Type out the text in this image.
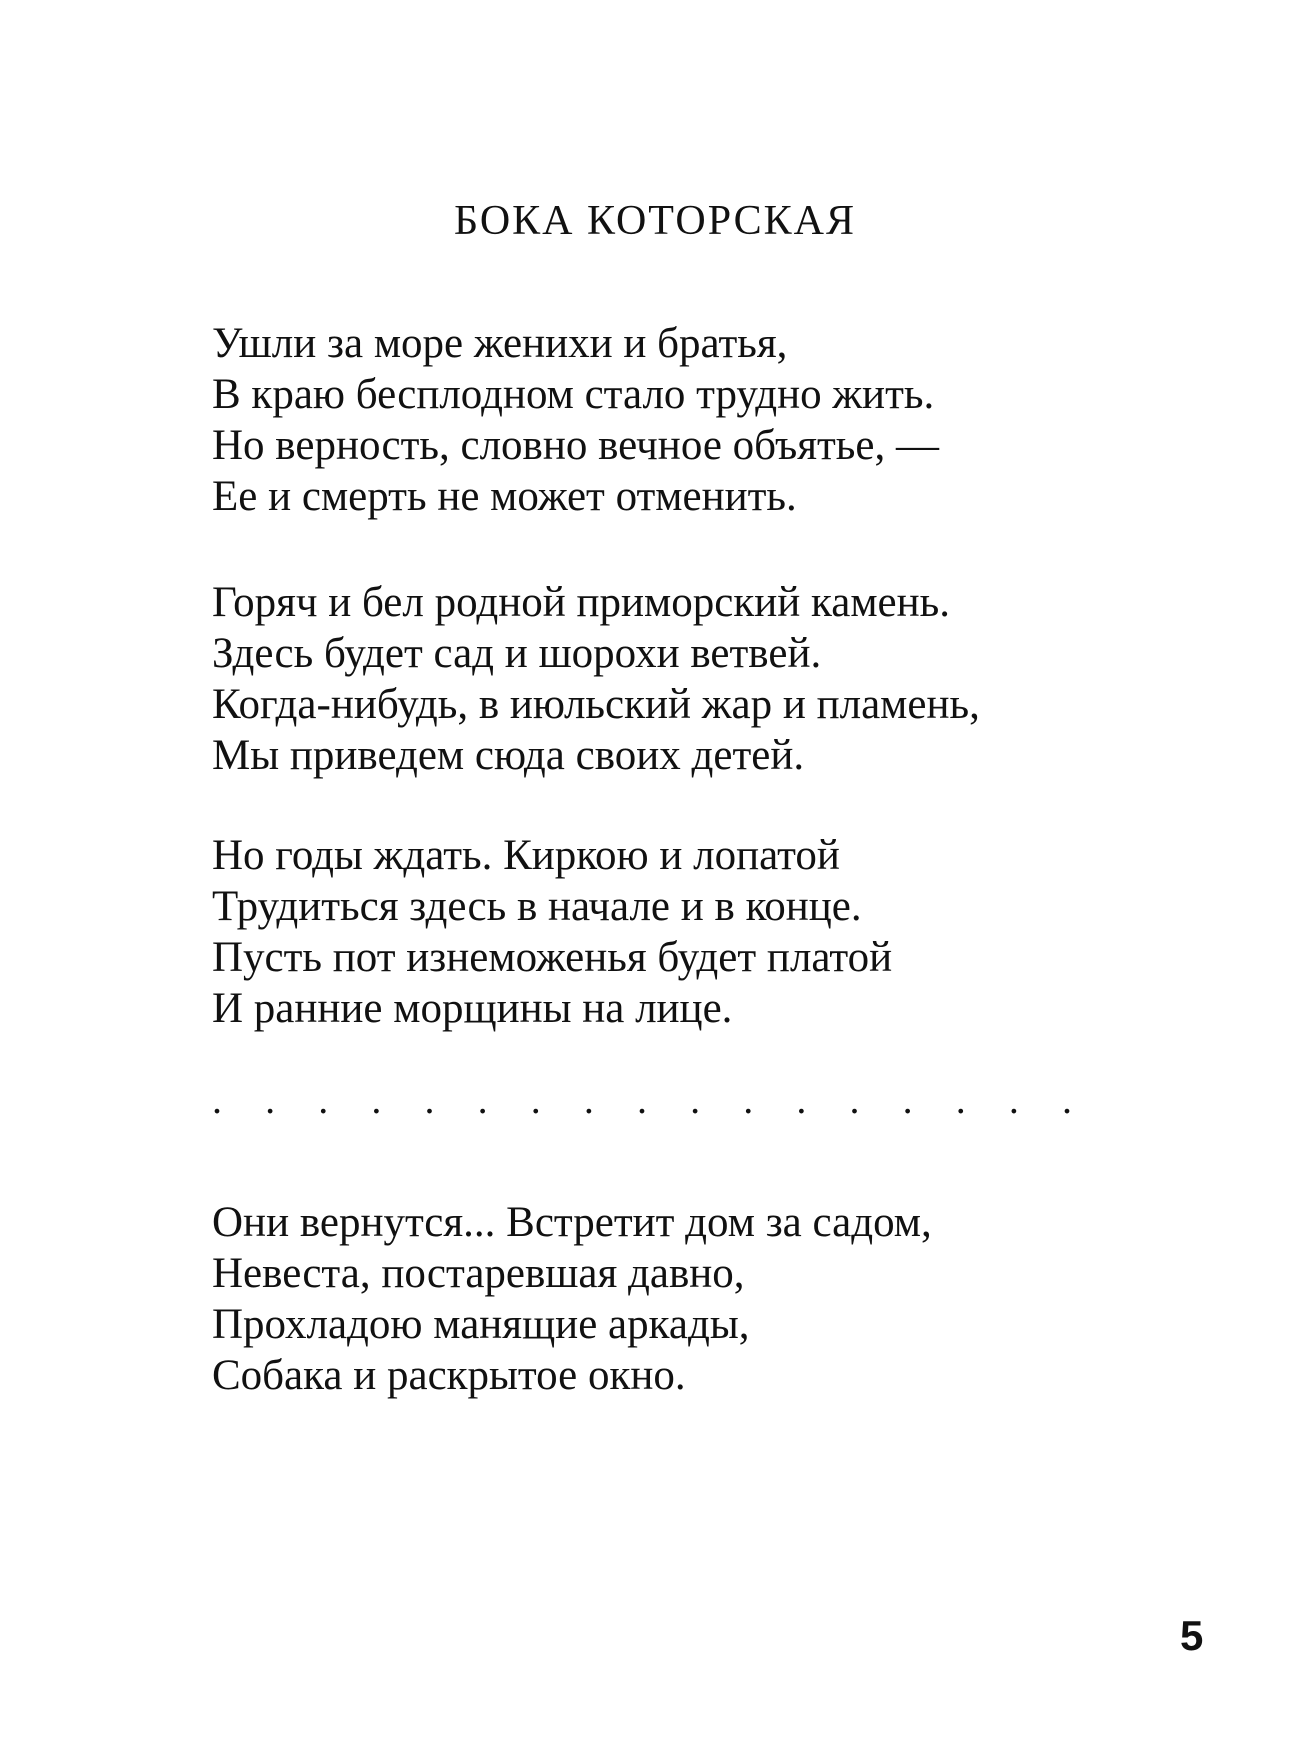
БОКА КОТОРСКАЯ
Ушли за море женихи и братья,
В краю бесплодном стало трудно жить.
Но верность, словно вечное объятье, —
Ее и смерть не может отменить.
Горяч и бел родной приморский камень.
Здесь будет сад и шорохи ветвей.
Когда-нибудь, в июльский жар и пламень,
Мы приведем сюда своих детей.
Но годы ждать. Киркою и лопатой
Трудиться здесь в начале и в конце.
Пусть пот изнеможенья будет платой
И ранние морщины на лице.
. . . . . . . . . . . . . . . . .
Они вернутся... Встретит дом за садом,
Невеста, постаревшая давно,
Прохладою манящие аркады,
Собака и раскрытое окно.
5
